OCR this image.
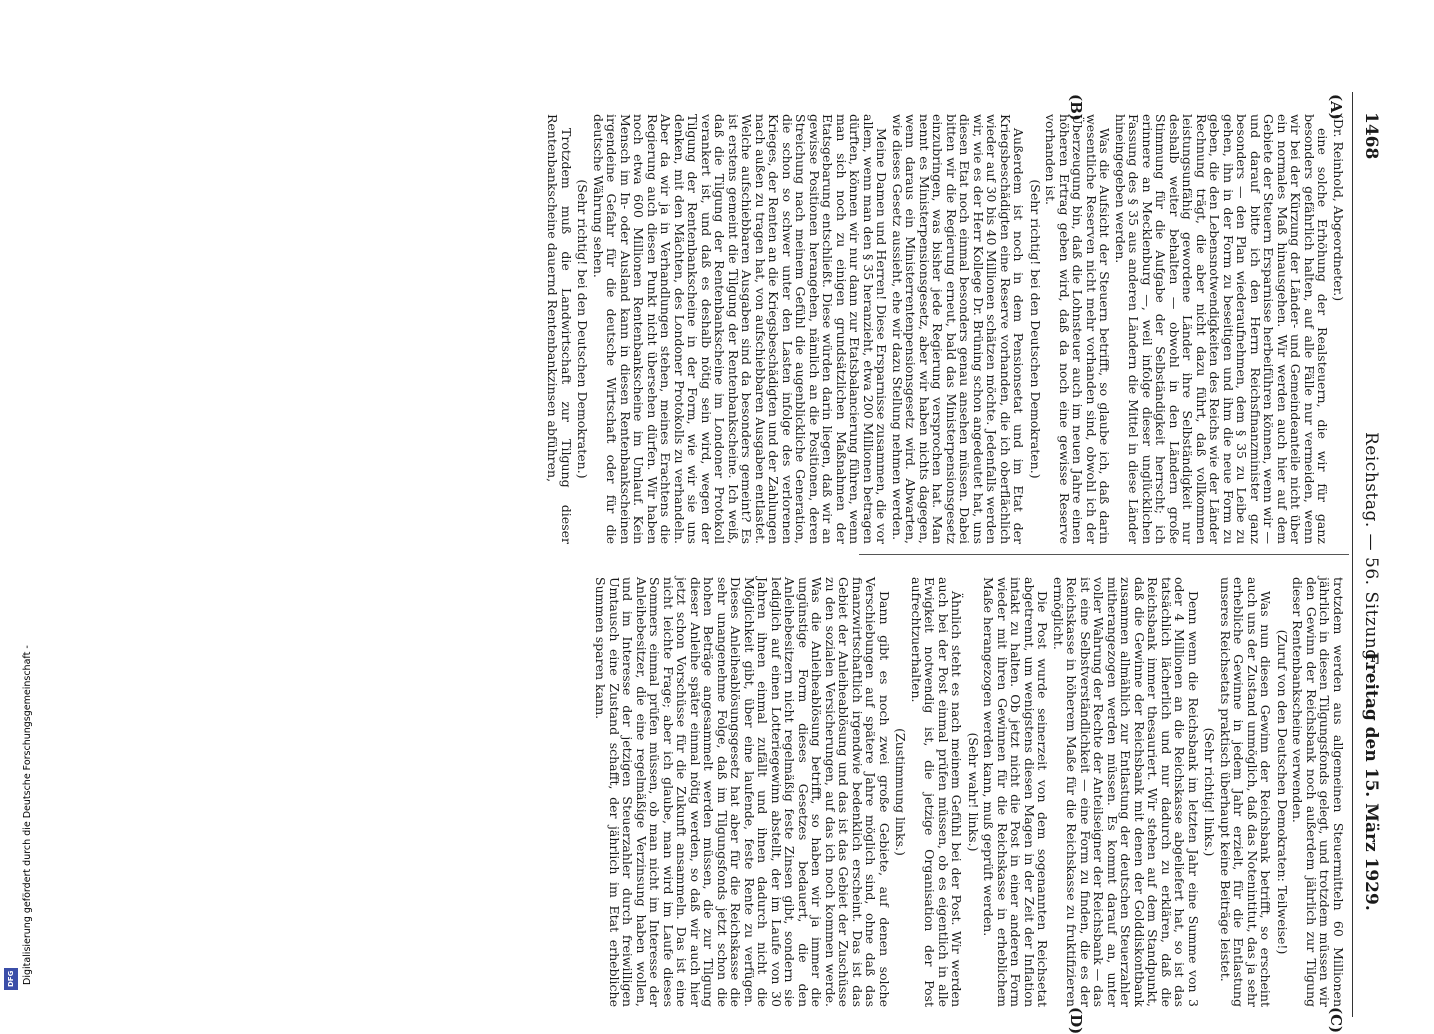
1468
Reichstag. — 56. Sitzung.
Freitag den 15. März 1929.
(A)
(B)
(C)
(D)

(Dr. Reinhold, Abgeordneter.)

eine solche Erhöhung der Realsteuern, die wir für ganz besonders gefährlich halten, auf alle Fälle nur vermeiden, wenn wir bei der Kürzung der Länder- und Gemeindeanteile nicht über ein normales Maß hinausgehen. Wir werden auch hier auf dem Gebiete der Steuern Ersparnisse herbeiführen können, wenn wir — und darauf bitte ich den Herrn Reichsfinanzminister ganz besonders — den Plan wiederaufnehmen, dem § 35 zu Leibe zu gehen, ihn in der Form zu beseitigen und ihm die neue Form zu geben, die den Lebensnotwendigkeiten des Reichs wie der Länder Rechnung trägt, die aber nicht dazu führt, daß vollkommen leistungsunfähig gewordene Länder ihre Selbständigkeit nur deshalb weiter behalten — obwohl in den Ländern große Stimmung für die Aufgabe der Selbständigkeit herrscht; ich erinnere an Mecklenburg —, weil infolge dieser unglücklichen Fassung des § 35 aus anderen Ländern die Mittel in diese Länder hineingegeben werden.

Was die Aufsicht der Steuern betrifft, so glaube ich, daß darin wesentliche Reserven nicht mehr vorhanden sind, obwohl ich der Überzeugung bin, daß die Lohnsteuer auch im neuen Jahre einen höheren Ertrag geben wird, daß da noch eine gewisse Reserve vorhanden ist.

(Sehr richtig! bei den Deutschen Demokraten.)

Außerdem ist noch in dem Pensionsetat und im Etat der Kriegsbeschädigten eine Reserve vorhanden, die ich oberflächlich wieder auf 30 bis 40 Millionen schätzen möchte. Jedenfalls werden wir, wie es der Herr Kollege Dr. Brüning schon angedeutet hat, uns diesen Etat noch einmal besonders genau ansehen müssen. Dabei bitten wir die Regierung erneut, bald das Ministerpensionsgesetz einzubringen, was bisher jede Regierung versprochen hat. Man nennt es Ministerpensionsgesetz, aber wir haben nichts dagegen, wenn daraus ein Ministerrentenpensionsgesetz wird. Abwarten, wie dieses Gesetz aussieht, ehe wir dazu Stellung nehmen werden.

Meine Damen und Herren! Diese Ersparnisse zusammen, die vor allem, wenn man den § 35 heranzieht, etwa 200 Millionen betragen dürften, können wir nur dann zur Etatsbalancierung führen, wenn man sich noch zu einigen grundsätzlichen Maßnahmen der Etatsgebarung entschließt. Diese würden darin liegen, daß wir an gewisse Positionen herangehen, nämlich an die Positionen, deren Streichung nach meinem Gefühl die augenblickliche Generation, die schon so schwer unter den Lasten infolge des verlorenen Krieges, der Renten an die Kriegsbeschädigten und der Zahlungen nach außen zu tragen hat, von aufschiebbaren Ausgaben entlastet. Welche aufschiebbaren Ausgaben sind da besonders gemeint? Es ist erstens gemeint die Tilgung der Rentenbankscheine. Ich weiß, daß die Tilgung der Rentenbankscheine im Londoner Protokoll verankert ist, und daß es deshalb nötig sein wird, wegen der Tilgung der Rentenbankscheine in der Form, wie wir sie uns denken, mit den Mächten, des Londoner Protokolls zu verhandeln. Aber da wir ja in Verhandlungen stehen, meines Erachtens die Regierung auch diesen Punkt nicht übersehen dürfen. Wir haben noch etwa 600 Millionen Rentenbankscheine im Umlauf. Kein Mensch im In- oder Ausland kann in diesen Rentenbankscheinen irgendeine Gefahr für die deutsche Wirtschaft oder für die deutsche Währung sehen.

(Sehr richtig! bei den Deutschen Demokraten.)

Trotzdem muß die Landwirtschaft zur Tilgung dieser Rentenbankscheine dauernd Rentenbankzinsen abführen,

trotzdem werden aus allgemeinen Steuermitteln 60 Millionen jährlich in diesen Tilgungsfonds gelegt, und trotzdem müssen wir den Gewinn der Reichsbank noch außerdem jährlich zur Tilgung dieser Rentenbankscheine verwenden.

(Zuruf von den Deutschen Demokraten: Teilweise!)

Was nun diesen Gewinn der Reichsbank betrifft, so erscheint auch uns der Zustand unmöglich, daß das Notenintitut, das ja sehr erhebliche Gewinne in jedem Jahr erzielt, für die Entlastung unseres Reichsetats praktisch überhaupt keine Beiträge leistet.

(Sehr richtig! links.)

Denn wenn die Reichsbank im letzten Jahr eine Summe von 3 oder 4 Millionen an die Reichskasse abgeliefert hat, so ist das tatsächlich lächerlich und nur dadurch zu erklären, daß die Reichsbank immer thesauriert. Wir stehen auf dem Standpunkt, daß die Gewinne der Reichsbank mit denen der Golddiskontbank zusammen allmählich zur Entlastung der deutschen Steuerzahler mitherangezogen werden müssen. Es kommt darauf an, unter voller Wahrung der Rechte der Anteilseigner der Reichsbank — das ist eine Selbstverständlichkeit — eine Form zu finden, die es der Reichskasse in höherem Maße für die Reichskasse zu fruktifizieren ermöglicht.

Die Post wurde seinerzeit von dem sogenannten Reichsetat abgetrennt, um wenigstens diesen Magen in der Zeit der Inflation intakt zu halten. Ob jetzt nicht die Post in einer anderen Form wieder mit ihren Gewinnen für die Reichskasse in erheblichem Maße herangezogen werden kann, muß geprüft werden.

(Sehr wahr! links.)

Ähnlich steht es nach meinem Gefühl bei der Post. Wir werden auch bei der Post einmal prüfen müssen, ob es eigentlich in alle Ewigkeit notwendig ist, die jetzige Organisation der Post aufrechtzuerhalten.

(Zustimmung links.)

Dann gibt es noch zwei große Gebiete, auf denen solche Verschiebungen auf spätere Jahre möglich sind, ohne daß das finanzwirtschaftlich irgendwie bedenklich erscheint. Das ist das Gebiet der Anleiheablösung und das ist das Gebiet der Zuschüsse zu den sozialen Versicherungen, auf das ich noch kommen werde. Was die Anleiheablösung betrifft, so haben wir ja immer die ungünstige Form dieses Gesetzes bedauert, die den Anleihebesitzern nicht regelmäßig feste Zinsen gibt, sondern sie lediglich auf einen Lotteriegewinn abstellt, der im Laufe von 30 Jahren ihnen einmal zufällt und ihnen dadurch nicht die Möglichkeit gibt, über eine laufende, feste Rente zu verfügen. Dieses Anleiheablösungsgesetz hat aber für die Reichskasse die sehr unangenehme Folge, daß im Tilgungsfonds jetzt schon die hohen Beträge angesammelt werden müssen, die zur Tilgung dieser Anleihe später einmal nötig werden, so daß wir auch hier jetzt schon Vorschüsse für die Zukunft ansammeln. Das ist eine nicht leichte Frage; aber ich glaube, man wird im Laufe dieses Sommers einmal prüfen müssen, ob man nicht im Interesse der Anleihebesitzer, die eine regelmäßige Verzinsung haben wollen, und im Interesse der jetzigen Steuerzahler durch freiwilligen Umtausch eine Zustand schafft, der jährlich im Etat erhebliche Summen sparen kann.

Digitalisierung gefördert durch die Deutsche Forschungsgemeinschaft -
DFG
